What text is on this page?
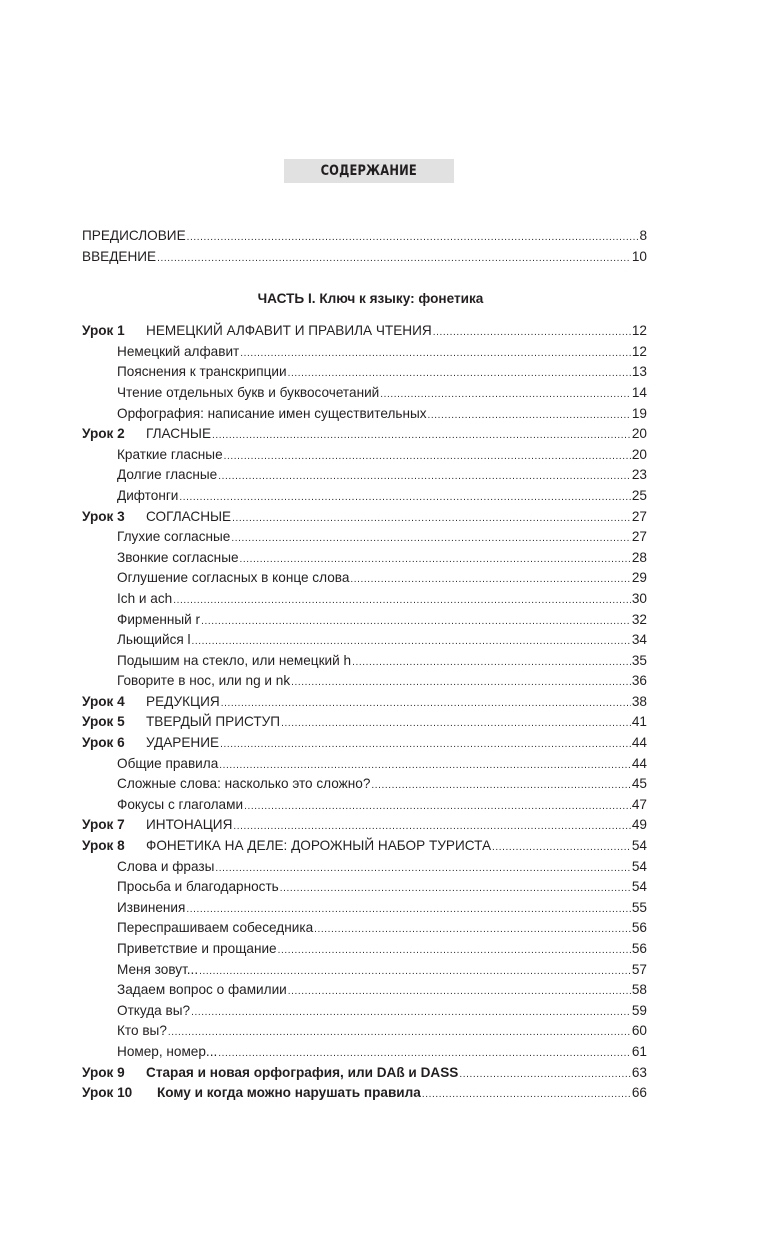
СОДЕРЖАНИЕ
ПРЕДИСЛОВИЕ .....	8
ВВЕДЕНИЕ .....	10
ЧАСТЬ I. Ключ к языку: фонетика
Урок 1 НЕМЕЦКИЙ АЛФАВИТ И ПРАВИЛА ЧТЕНИЯ .....	12
Немецкий алфавит .....	12
Пояснения к транскрипции .....	13
Чтение отдельных букв и буквосочетаний .....	14
Орфография: написание имен существительных .....	19
Урок 2 ГЛАСНЫЕ .....	20
Краткие гласные .....	20
Долгие гласные .....	23
Дифтонги .....	25
Урок 3 СОГЛАСНЫЕ .....	27
Глухие согласные .....	27
Звонкие согласные .....	28
Оглушение согласных в конце слова .....	29
Ich и ach .....	30
Фирменный r .....	32
Льющийся l .....	34
Подышим на стекло, или немецкий h .....	35
Говорите в нос, или ng и nk .....	36
Урок 4 РЕДУКЦИЯ .....	38
Урок 5 ТВЕРДЫЙ ПРИСТУП .....	41
Урок 6 УДАРЕНИЕ .....	44
Общие правила .....	44
Сложные слова: насколько это сложно? .....	45
Фокусы с глаголами .....	47
Урок 7 ИНТОНАЦИЯ .....	49
Урок 8 ФОНЕТИКА НА ДЕЛЕ: ДОРОЖНЫЙ НАБОР ТУРИСТА .....	54
Слова и фразы .....	54
Просьба и благодарность .....	54
Извинения .....	55
Переспрашиваем собеседника .....	56
Приветствие и прощание .....	56
Меня зовут... .....	57
Задаем вопрос о фамилии .....	58
Откуда вы? .....	59
Кто вы? .....	60
Номер, номер... .....	61
Урок 9 Старая и новая орфография, или DAß и DASS .....	63
Урок 10 Кому и когда можно нарушать правила .....	66
